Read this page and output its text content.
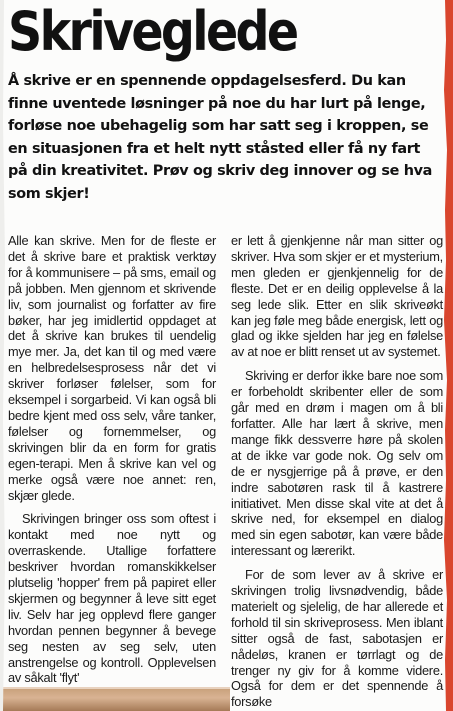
Skriveglede

Å skrive er en spennende oppdagelsesferd. Du kan finne uventede løsninger på noe du har lurt på lenge, forløse noe ubehagelig som har satt seg i kroppen, se en situasjonen fra et helt nytt ståsted eller få ny fart på din kreativitet. Prøv og skriv deg innover og se hva som skjer!

Alle kan skrive. Men for de fleste er det å skrive bare et praktisk verktøy for å kommunisere – på sms, email og på jobben. Men gjennom et skrivende liv, som journalist og forfatter av fire bøker, har jeg imidlertid oppdaget at det å skrive kan brukes til uendelig mye mer. Ja, det kan til og med være en helbredelsesprosess når det vi skriver forløser følelser, som for eksempel i sorgarbeid. Vi kan også bli bedre kjent med oss selv, våre tanker, følelser og fornemmelser, og skrivingen blir da en form for gratis egen-terapi. Men å skrive kan vel og merke også være noe annet: ren, skjær glede.

Skrivingen bringer oss som oftest i kontakt med noe nytt og overraskende. Utallige forfattere beskriver hvordan romanskikkelser plutselig 'hopper' frem på papiret eller skjermen og begynner å leve sitt eget liv. Selv har jeg opplevd flere ganger hvordan pennen begynner å bevege seg nesten av seg selv, uten anstrengelse og kontroll. Opplevelsen av såkalt 'flyt'

er lett å gjenkjenne når man sitter og skriver. Hva som skjer er et mysterium, men gleden er gjenkjennelig for de fleste. Det er en deilig opplevelse å la seg lede slik. Etter en slik skriveøkt kan jeg føle meg både energisk, lett og glad og ikke sjelden har jeg en følelse av at noe er blitt renset ut av systemet.

Skriving er derfor ikke bare noe som er forbeholdt skribenter eller de som går med en drøm i magen om å bli forfatter. Alle har lært å skrive, men mange fikk dessverre høre på skolen at de ikke var gode nok. Og selv om de er nysgjerrige på å prøve, er den indre sabotøren rask til å kastrere initiativet. Men disse skal vite at det å skrive ned, for eksempel en dialog med sin egen sabotør, kan være både interessant og lærerikt.

For de som lever av å skrive er skrivingen trolig livsnødvendig, både materielt og sjelelig, de har allerede et forhold til sin skriveprosess. Men iblant sitter også de fast, sabotasjen er nådeløs, kranen er tørrlagt og de trenger ny giv for å komme videre. Også for dem er det spennende å forsøke
